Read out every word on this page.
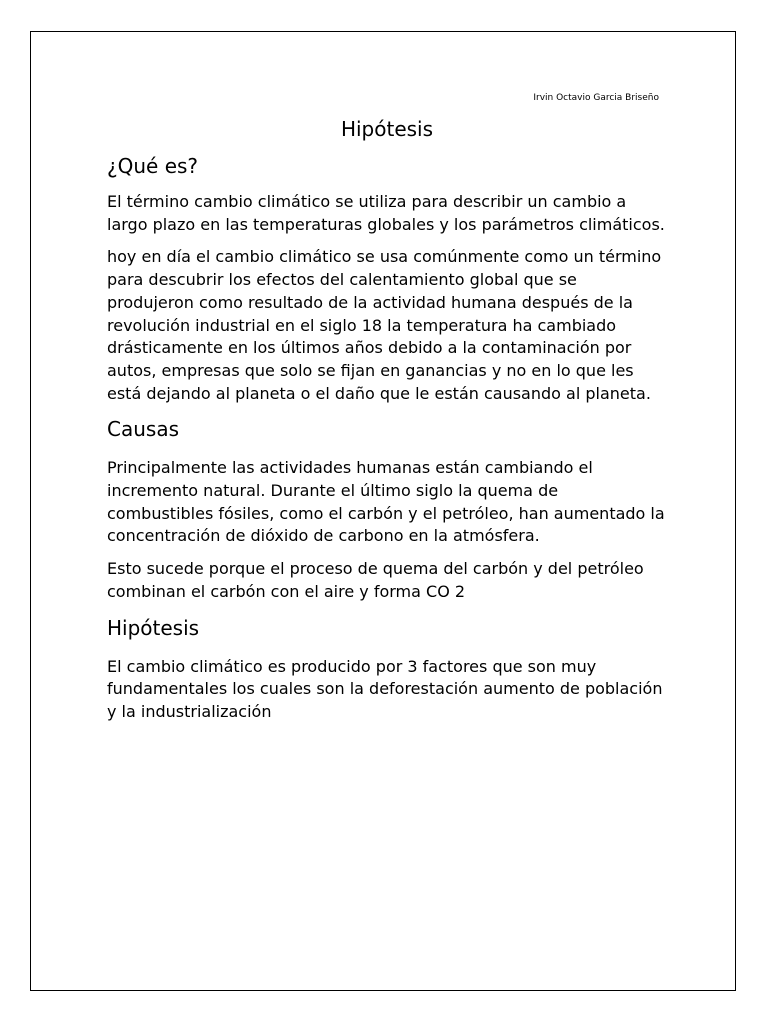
Irvin Octavio Garcia Briseño
Hipótesis
¿Qué es?

El término cambio climático se utiliza para describir un cambio a largo plazo en las temperaturas globales y los parámetros climáticos.

hoy en día el cambio climático se usa comúnmente como un término para descubrir los efectos del calentamiento global que se produjeron como resultado de la actividad humana después de la revolución industrial en el siglo 18 la temperatura ha cambiado drásticamente en los últimos años debido a la contaminación por autos, empresas que solo se fijan en ganancias y no en lo que les está dejando al planeta o el daño que le están causando al planeta.

Causas

Principalmente las actividades humanas están cambiando el incremento natural. Durante el último siglo la quema de combustibles fósiles, como el carbón y el petróleo, han aumentado la concentración de dióxido de carbono en la atmósfera.

Esto sucede porque el proceso de quema del carbón y del petróleo combinan el carbón con el aire y forma CO 2

Hipótesis

El cambio climático es producido por 3 factores que son muy fundamentales los cuales son la deforestación aumento de población y la industrialización
